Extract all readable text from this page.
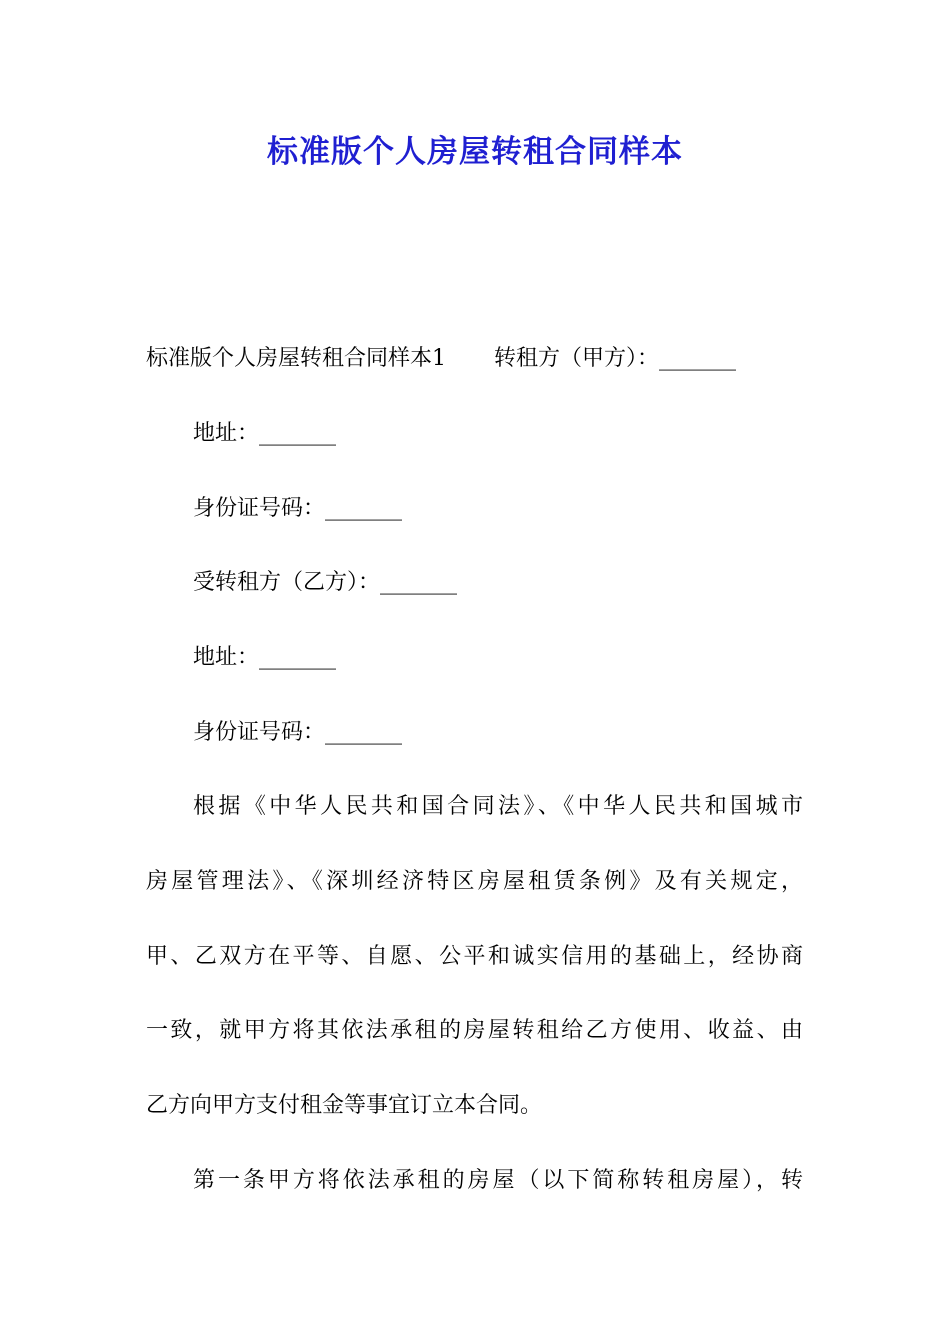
标准版个人房屋转租合同样本

标准版个人房屋转租合同样本1 转租方（甲方）：_______

地址：_______

身份证号码：_______

受转租方（乙方）：_______

地址：_______

身份证号码：_______

根据《中华人民共和国合同法》、《中华人民共和国城市

房屋管理法》、《深圳经济特区房屋租赁条例》及有关规定，

甲、乙双方在平等、自愿、公平和诚实信用的基础上，经协商

一致，就甲方将其依法承租的房屋转租给乙方使用、收益、由

乙方向甲方支付租金等事宜订立本合同。

第一条甲方将依法承租的房屋（以下简称转租房屋），转
